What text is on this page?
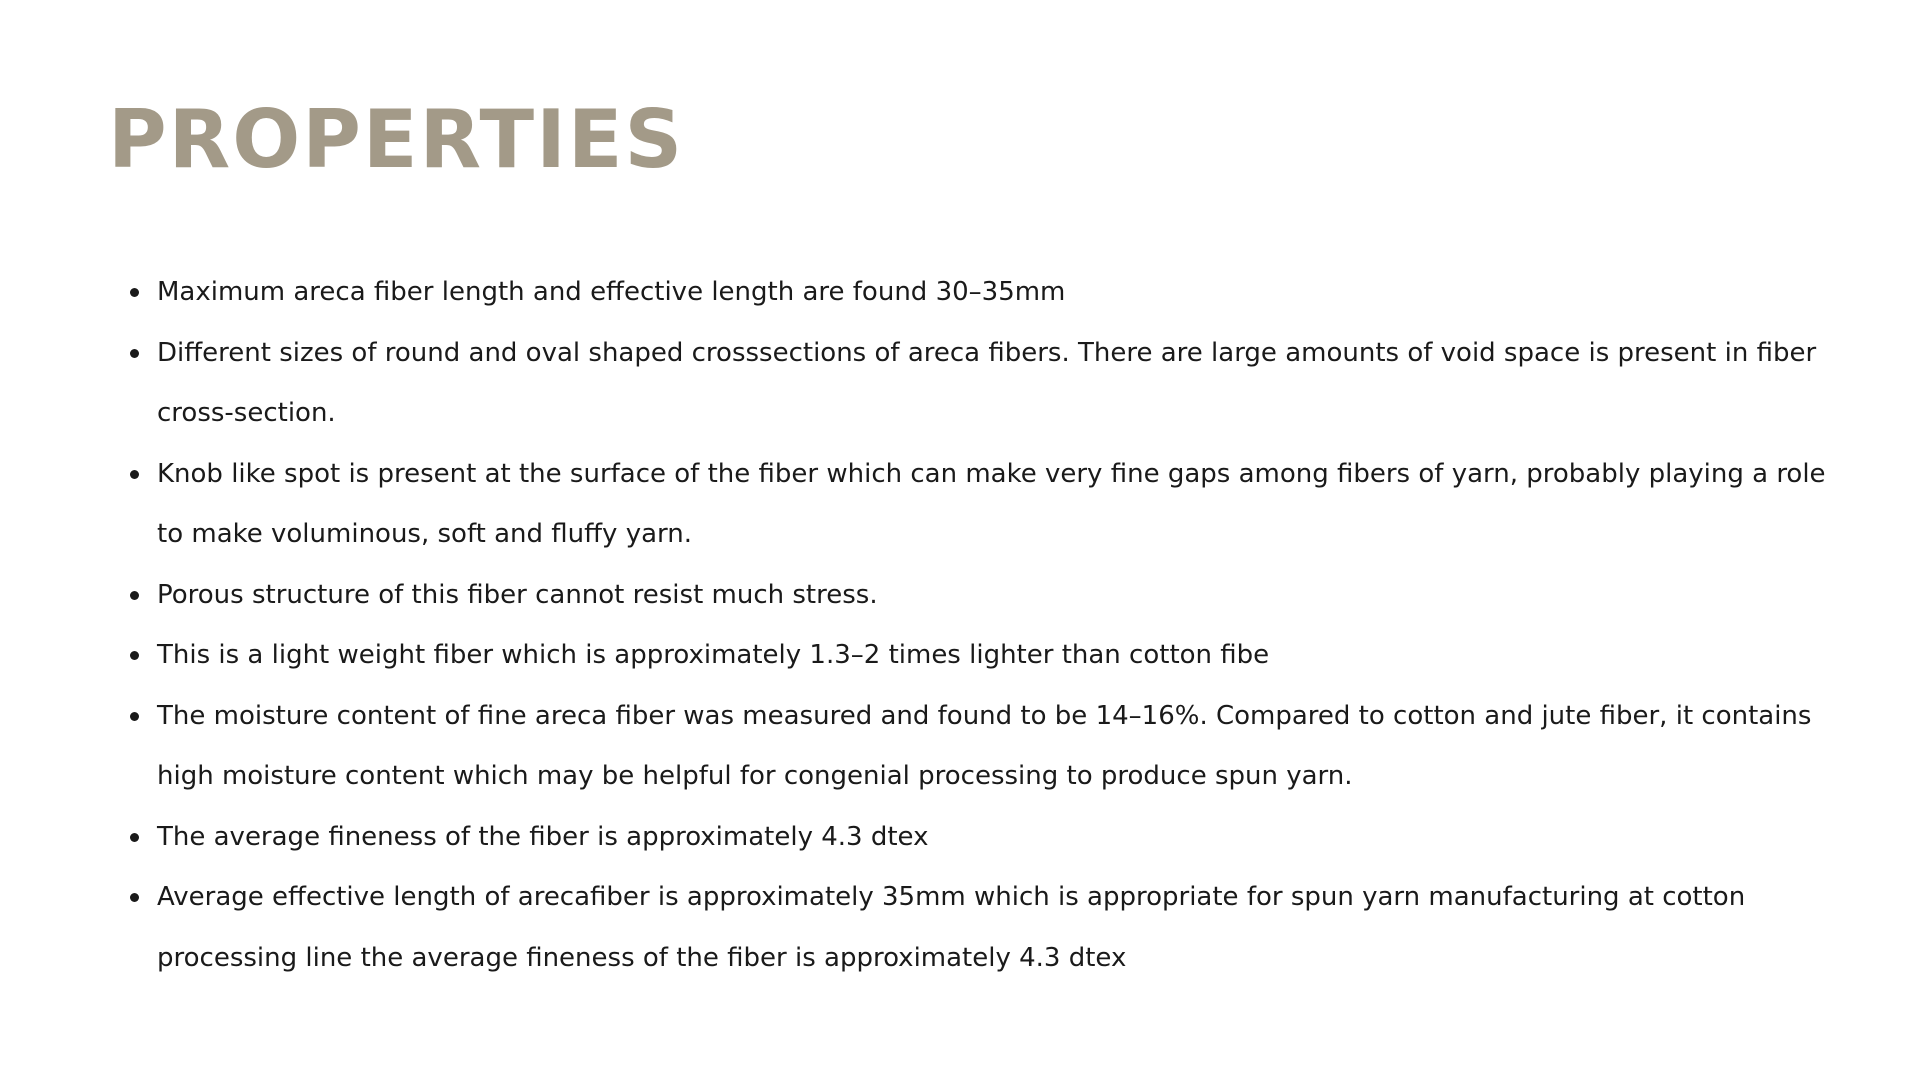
PROPERTIES
Maximum areca fiber length and effective length are found 30–35mm
Different sizes of round and oval shaped crosssections of areca fibers. There are large amounts of void space is present in fiber cross-section.
Knob like spot is present at the surface of the fiber which can make very fine gaps among fibers of yarn, probably playing a role to make voluminous, soft and fluffy yarn.
Porous structure of this fiber cannot resist much stress.
This is a light weight fiber which is approximately 1.3–2 times lighter than cotton fibe
The moisture content of fine areca fiber was measured and found to be 14–16%. Compared to cotton and jute fiber, it contains high moisture content which may be helpful for congenial processing to produce spun yarn.
The average fineness of the fiber is approximately 4.3 dtex
Average effective length of arecafiber is approximately 35mm which is appropriate for spun yarn manufacturing at cotton processing line the average fineness of the fiber is approximately 4.3 dtex
